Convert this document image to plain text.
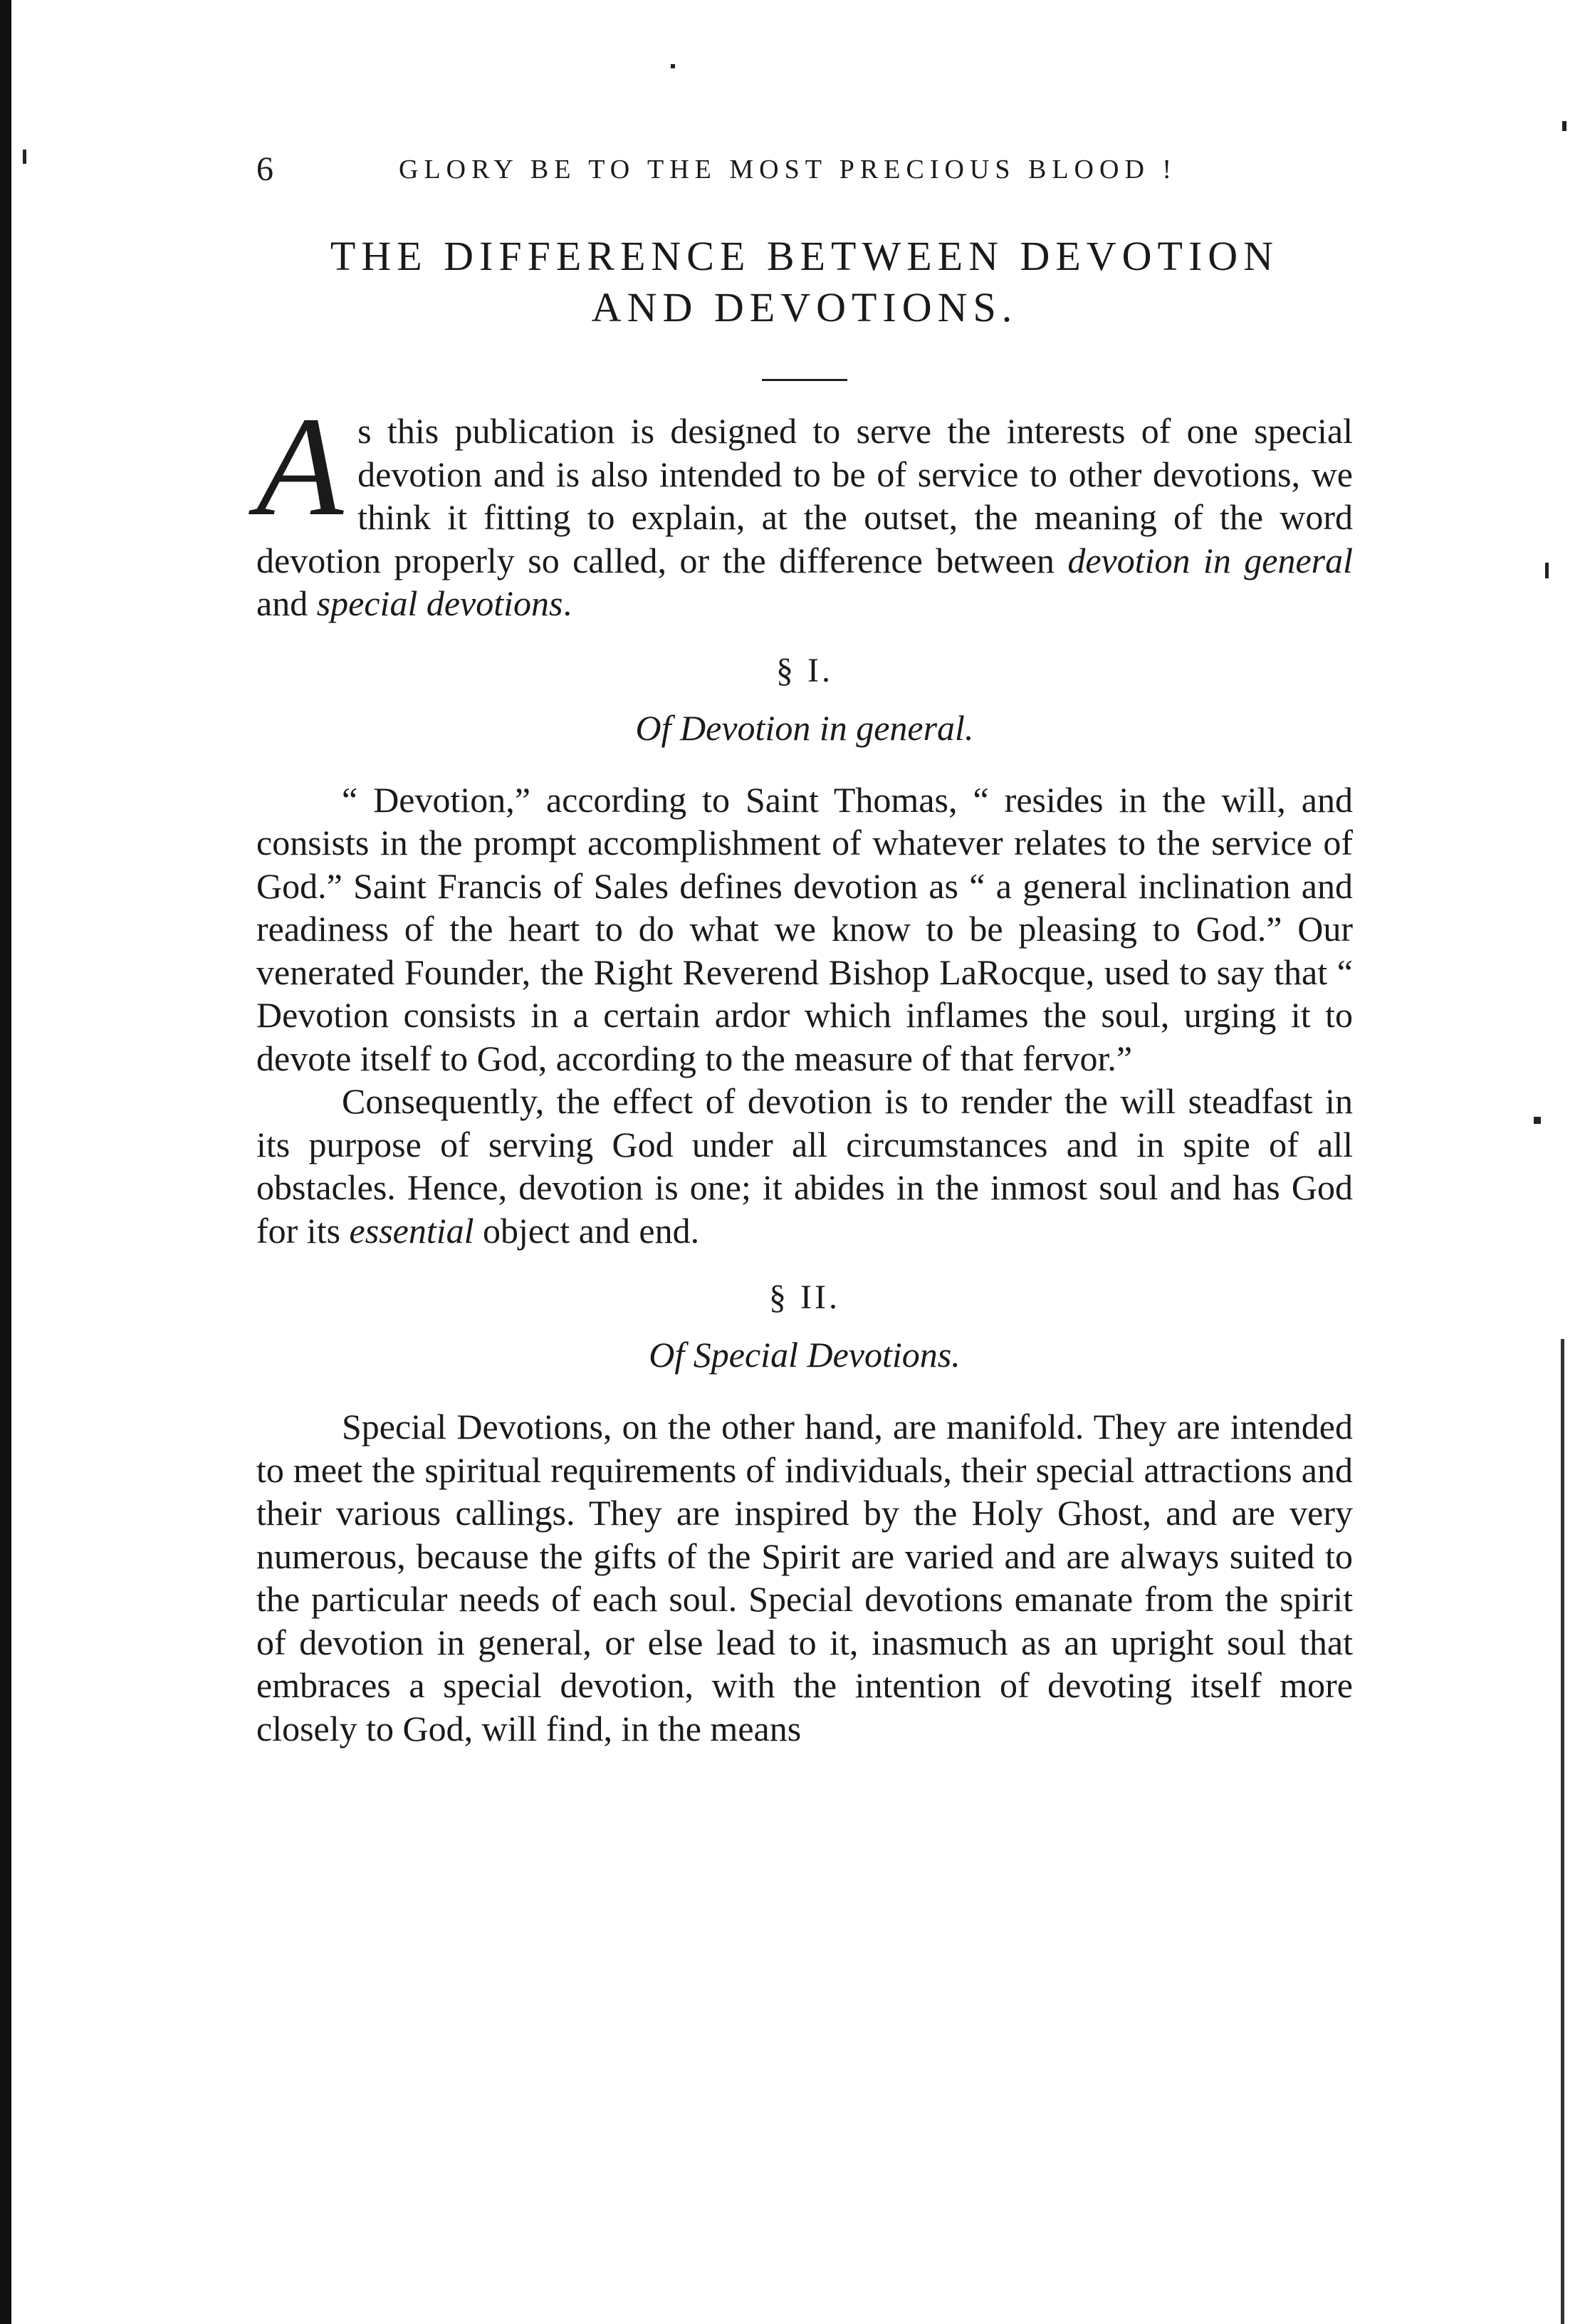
6	GLORY BE TO THE MOST PRECIOUS BLOOD !
THE DIFFERENCE BETWEEN DEVOTION
AND DEVOTIONS.

As this publication is designed to serve the interests of one special devotion and is also intended to be of service to other devotions, we think it fitting to explain, at the outset, the meaning of the word devotion properly so called, or the difference between devotion in general and special devotions.

§ I.
Of Devotion in general.

“ Devotion,” according to Saint Thomas, “ resides in the will, and consists in the prompt accomplishment of whatever relates to the service of God.” Saint Francis of Sales defines devotion as “ a general inclination and readiness of the heart to do what we know to be pleasing to God.” Our venerated Founder, the Right Reverend Bishop LaRocque, used to say that “ Devotion consists in a certain ardor which inflames the soul, urging it to devote itself to God, according to the measure of that fervor.”

Consequently, the effect of devotion is to render the will steadfast in its purpose of serving God under all circumstances and in spite of all obstacles. Hence, devotion is one; it abides in the inmost soul and has God for its essential object and end.

§ II.
Of Special Devotions.

Special Devotions, on the other hand, are manifold. They are intended to meet the spiritual requirements of individuals, their special attractions and their various callings. They are inspired by the Holy Ghost, and are very numerous, because the gifts of the Spirit are varied and are always suited to the particular needs of each soul. Special devotions emanate from the spirit of devotion in general, or else lead to it, inasmuch as an upright soul that embraces a special devotion, with the intention of devoting itself more closely to God, will find, in the means
